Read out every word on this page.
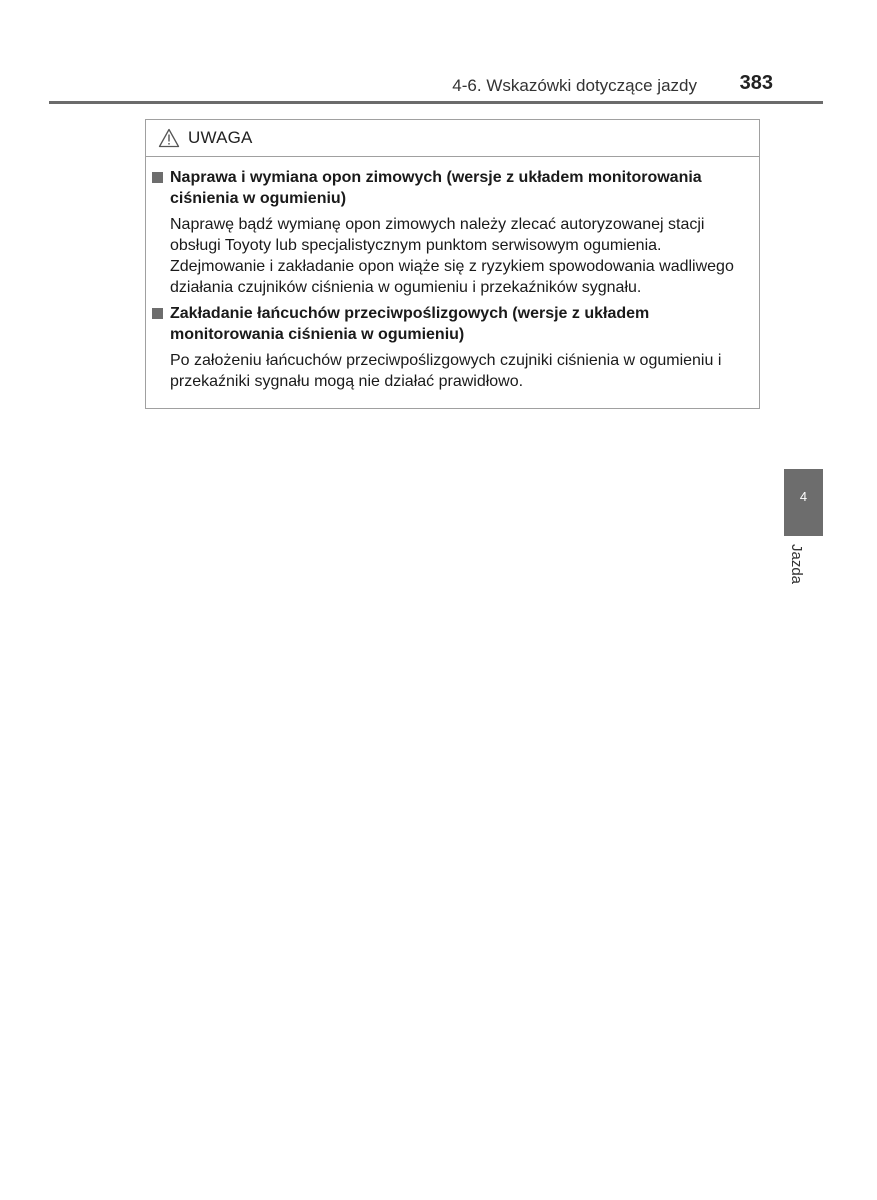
4-6. Wskazówki dotyczące jazdy 383
UWAGA
Naprawa i wymiana opon zimowych (wersje z układem monitorowania ciśnienia w ogumieniu)
Naprawę bądź wymianę opon zimowych należy zlecać autoryzowanej stacji obsługi Toyoty lub specjalistycznym punktom serwisowym ogumienia. Zdejmowanie i zakładanie opon wiąże się z ryzykiem spowodowania wadliwego działania czujników ciśnienia w ogumieniu i przekaźników sygnału.
Zakładanie łańcuchów przeciwpoślizgowych (wersje z układem monitorowania ciśnienia w ogumieniu)
Po założeniu łańcuchów przeciwpoślizgowych czujniki ciśnienia w ogumieniu i przekaźniki sygnału mogą nie działać prawidłowo.
4
Jazda
